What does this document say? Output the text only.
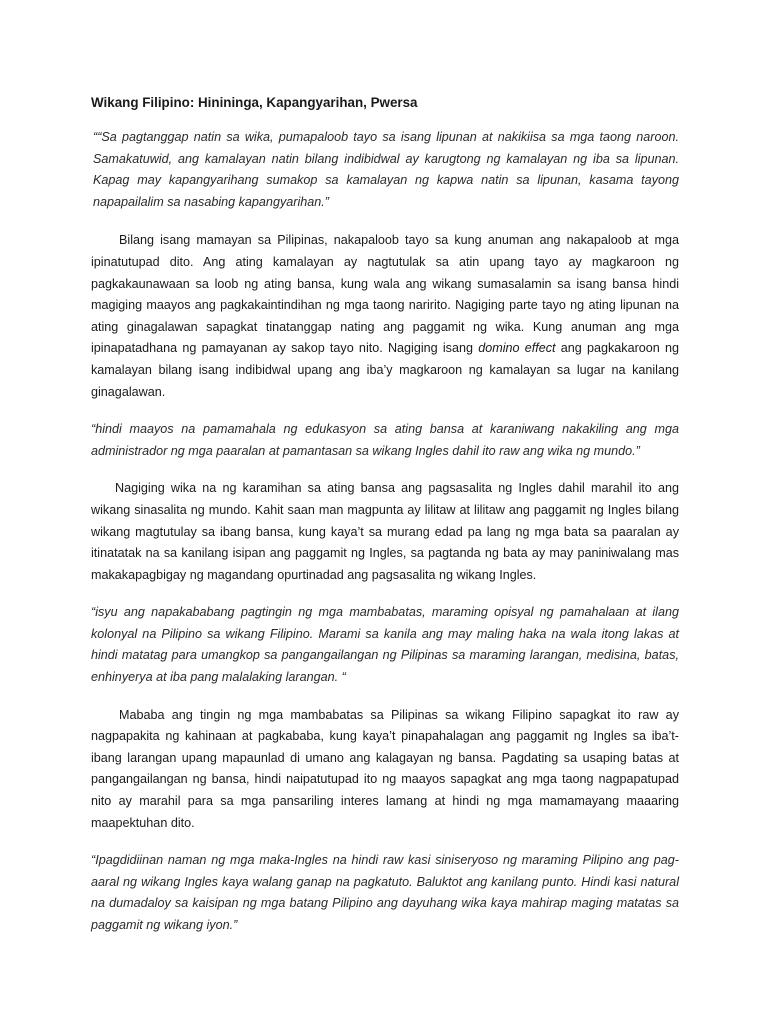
Wikang Filipino: Hinininga, Kapangyarihan, Pwersa

““Sa pagtanggap natin sa wika, pumapaloob tayo sa isang lipunan at nakikiisa sa mga taong naroon. Samakatuwid, ang kamalayan natin bilang indibidwal ay karugtong ng kamalayan ng iba sa lipunan. Kapag may kapangyarihang sumakop sa kamalayan ng kapwa natin sa lipunan, kasama tayong napapailalim sa nasabing kapangyarihan.”

Bilang isang mamayan sa Pilipinas, nakapaloob tayo sa kung anuman ang nakapaloob at mga ipinatutupad dito. Ang ating kamalayan ay nagtutulak sa atin upang tayo ay magkaroon ng pagkakaunawaan sa loob ng ating bansa, kung wala ang wikang sumasalamin sa isang bansa hindi magiging maayos ang pagkakaintindihan ng mga taong naririto. Nagiging parte tayo ng ating lipunan na ating ginagalawan sapagkat tinatanggap nating ang paggamit ng wika. Kung anuman ang mga ipinapatadhana ng pamayanan ay sakop tayo nito. Nagiging isang domino effect ang pagkakaroon ng kamalayan bilang isang indibidwal upang ang iba’y magkaroon ng kamalayan sa lugar na kanilang ginagalawan.

“hindi maayos na pamamahala ng edukasyon sa ating bansa at karaniwang nakakiling ang mga administrador ng mga paaralan at pamantasan sa wikang Ingles dahil ito raw ang wika ng mundo.”

Nagiging wika na ng karamihan sa ating bansa ang pagsasalita ng Ingles dahil marahil ito ang wikang sinasalita ng mundo. Kahit saan man magpunta ay lilitaw at lilitaw ang paggamit ng Ingles bilang wikang magtutulay sa ibang bansa, kung kaya’t sa murang edad pa lang ng mga bata sa paaralan ay itinatatak na sa kanilang isipan ang paggamit ng Ingles, sa pagtanda ng bata ay may paniniwalang mas makakapagbigay ng magandang opurtinadad ang pagsasalita ng wikang Ingles.

“isyu ang napakababang pagtingin ng mga mambabatas, maraming opisyal ng pamahalaan at ilang kolonyal na Pilipino sa wikang Filipino. Marami sa kanila ang may maling haka na wala itong lakas at hindi matatag para umangkop sa pangangailangan ng Pilipinas sa maraming larangan, medisina, batas, enhinyerya at iba pang malalaking larangan. “

Mababa ang tingin ng mga mambabatas sa Pilipinas sa wikang Filipino sapagkat ito raw ay nagpapakita ng kahinaan at pagkababa, kung kaya’t pinapahalagan ang paggamit ng Ingles sa iba’t-ibang larangan upang mapaunlad di umano ang kalagayan ng bansa. Pagdating sa usaping batas at pangangailangan ng bansa, hindi naipatutupad ito ng maayos sapagkat ang mga taong nagpapatupad nito ay marahil para sa mga pansariling interes lamang at hindi ng mga mamamayang maaaring maapektuhan dito.

“Ipagdidiinan naman ng mga maka-Ingles na hindi raw kasi siniseryoso ng maraming Pilipino ang pag-aaral ng wikang Ingles kaya walang ganap na pagkatuto. Baluktot ang kanilang punto. Hindi kasi natural na dumadaloy sa kaisipan ng mga batang Pilipino ang dayuhang wika kaya mahirap maging matatas sa paggamit ng wikang iyon.”
